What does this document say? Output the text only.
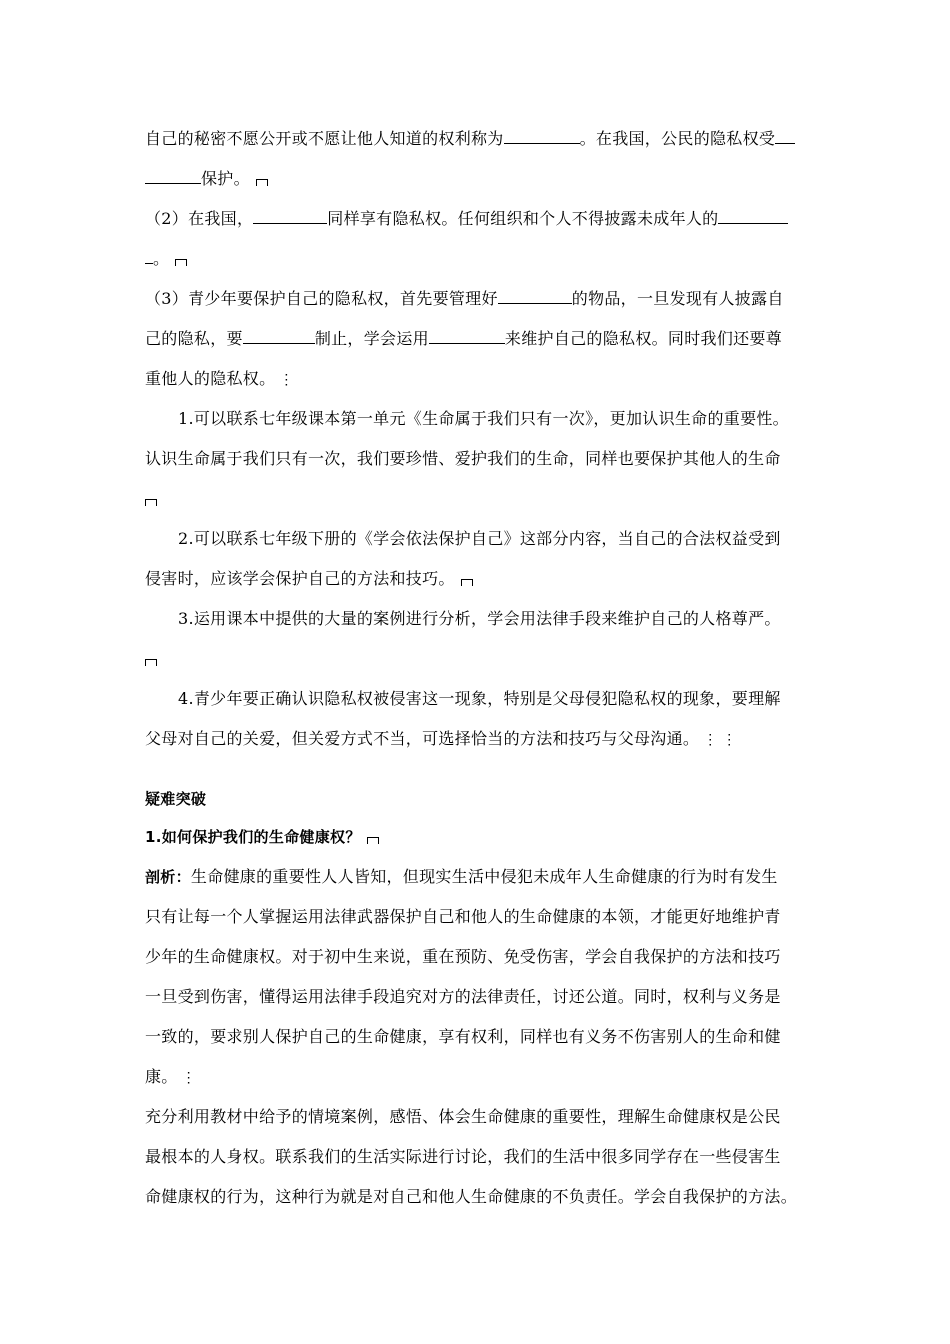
自己的秘密不愿公开或不愿让他人知道的权利称为	。在我国，公民的隐私权受
保护。
（2）在我国，	同样享有隐私权。任何组织和个人不得披露未成年人的
。
（3）青少年要保护自己的隐私权，首先要管理好	的物品，一旦发现有人披露自
己的隐私，要	制止，学会运用	来维护自己的隐私权。同时我们还要尊
重他人的隐私权。 ⋮
1.可以联系七年级课本第一单元《生命属于我们只有一次》，更加认识生命的重要性。
认识生命属于我们只有一次，我们要珍惜、爱护我们的生命，同样也要保护其他人的生命
2.可以联系七年级下册的《学会依法保护自己》这部分内容，当自己的合法权益受到
侵害时，应该学会保护自己的方法和技巧。
3.运用课本中提供的大量的案例进行分析，学会用法律手段来维护自己的人格尊严。
4.青少年要正确认识隐私权被侵害这一现象，特别是父母侵犯隐私权的现象，要理解
父母对自己的关爱，但关爱方式不当，可选择恰当的方法和技巧与父母沟通。 ⋮ ⋮
疑难突破
1.如何保护我们的生命健康权？
剖析：生命健康的重要性人人皆知，但现实生活中侵犯未成年人生命健康的行为时有发生
只有让每一个人掌握运用法律武器保护自己和他人的生命健康的本领，才能更好地维护青
少年的生命健康权。对于初中生来说，重在预防、免受伤害，学会自我保护的方法和技巧
一旦受到伤害，懂得运用法律手段追究对方的法律责任，讨还公道。同时，权利与义务是
一致的，要求别人保护自己的生命健康，享有权利，同样也有义务不伤害别人的生命和健
康。 ⋮
充分利用教材中给予的情境案例，感悟、体会生命健康的重要性，理解生命健康权是公民
最根本的人身权。联系我们的生活实际进行讨论，我们的生活中很多同学存在一些侵害生
命健康权的行为，这种行为就是对自己和他人生命健康的不负责任。学会自我保护的方法。
